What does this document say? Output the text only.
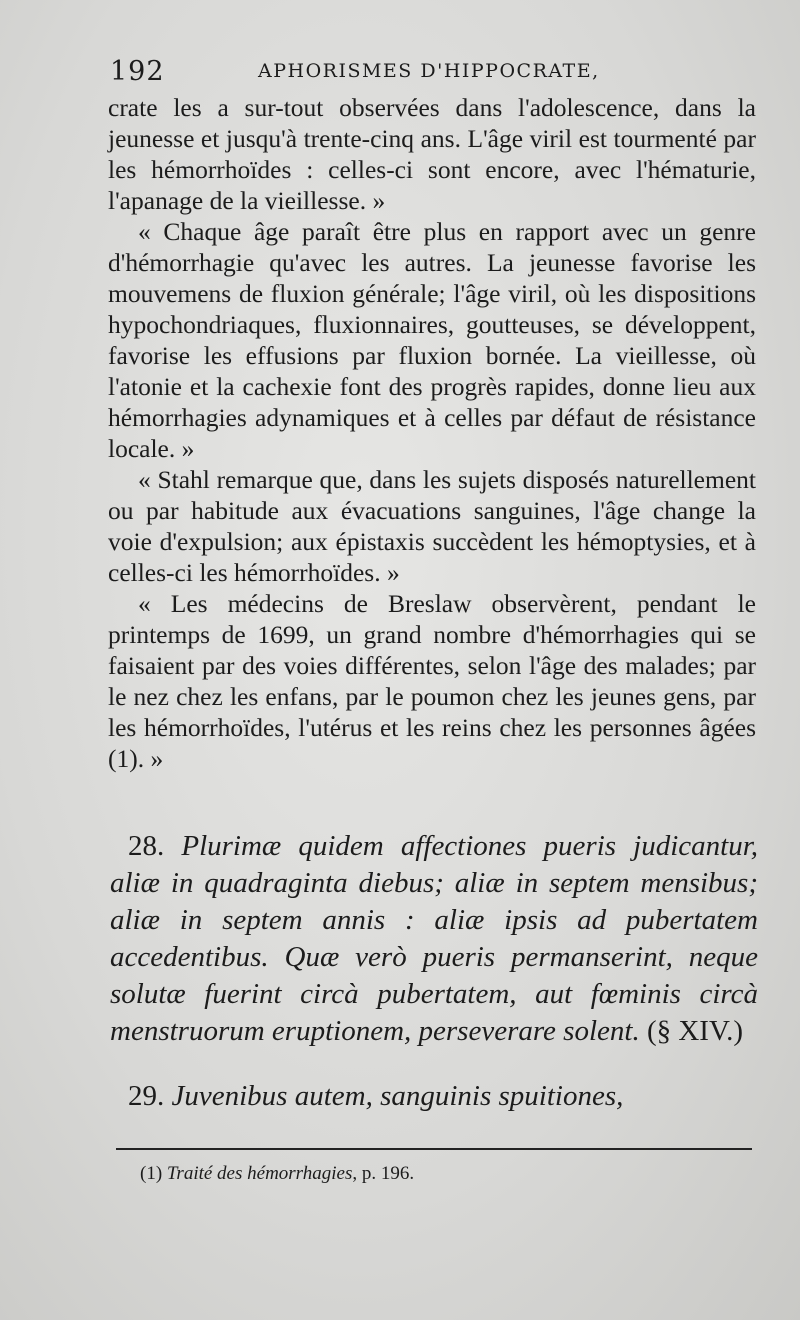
192	APHORISMES D'HIPPOCRATE,

crate les a sur-tout observées dans l'adolescence, dans la jeunesse et jusqu'à trente-cinq ans. L'âge viril est tourmenté par les hémorrhoïdes : celles-ci sont encore, avec l'hématurie, l'apanage de la vieillesse. »

« Chaque âge paraît être plus en rapport avec un genre d'hémorrhagie qu'avec les autres. La jeunesse favorise les mouvemens de fluxion générale; l'âge viril, où les dispositions hypochondriaques, fluxionnaires, goutteuses, se développent, favorise les effusions par fluxion bornée. La vieillesse, où l'atonie et la cachexie font des progrès rapides, donne lieu aux hémorrhagies adynamiques et à celles par défaut de résistance locale. »

« Stahl remarque que, dans les sujets disposés naturellement ou par habitude aux évacuations sanguines, l'âge change la voie d'expulsion; aux épistaxis succèdent les hémoptysies, et à celles-ci les hémorrhoïdes. »

« Les médecins de Breslaw observèrent, pendant le printemps de 1699, un grand nombre d'hémorrhagies qui se faisaient par des voies différentes, selon l'âge des malades; par le nez chez les enfans, par le poumon chez les jeunes gens, par les hémorrhoïdes, l'utérus et les reins chez les personnes âgées (1). »

28. Plurimæ quidem affectiones pueris judicantur, aliæ in quadraginta diebus; aliæ in septem mensibus; aliæ in septem annis : aliæ ipsis ad pubertatem accedentibus. Quæ verò pueris permanserint, neque solutæ fuerint circà pubertatem, aut fœminis circà menstruorum eruptionem, perseverare solent. (§ XIV.)

29. Juvenibus autem, sanguinis spuitiones,

(1) Traité des hémorrhagies, p. 196.
